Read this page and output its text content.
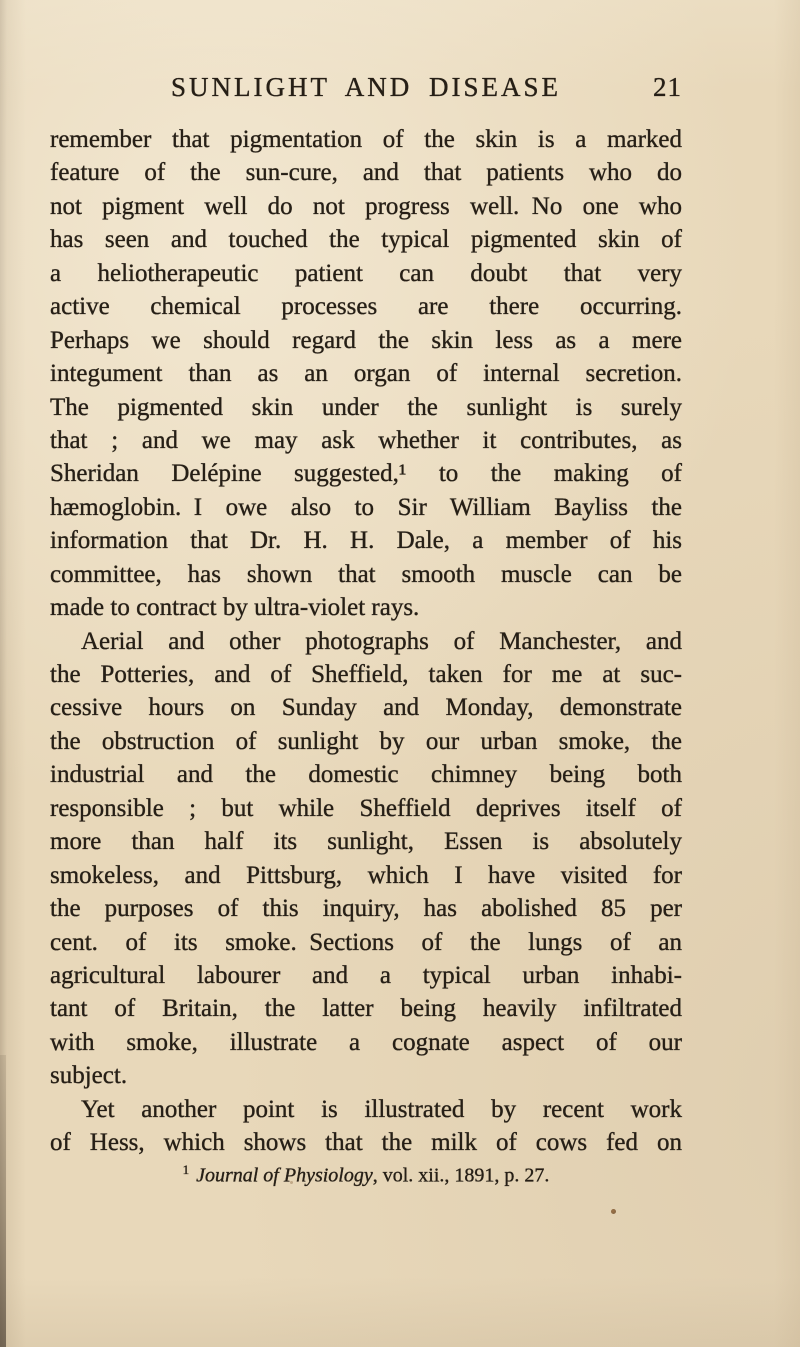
SUNLIGHT AND DISEASE	21
remember that pigmentation of the skin is a marked
feature of the sun-cure, and that patients who do
not pigment well do not progress well. No one who
has seen and touched the typical pigmented skin of
a heliotherapeutic patient can doubt that very
active chemical processes are there occurring.
Perhaps we should regard the skin less as a mere
integument than as an organ of internal secretion.
The pigmented skin under the sunlight is surely
that ; and we may ask whether it contributes, as
Sheridan Delépine suggested,¹ to the making of
hæmoglobin. I owe also to Sir William Bayliss the
information that Dr. H. H. Dale, a member of his
committee, has shown that smooth muscle can be
made to contract by ultra-violet rays.
Aerial and other photographs of Manchester, and
the Potteries, and of Sheffield, taken for me at suc-
cessive hours on Sunday and Monday, demonstrate
the obstruction of sunlight by our urban smoke, the
industrial and the domestic chimney being both
responsible ; but while Sheffield deprives itself of
more than half its sunlight, Essen is absolutely
smokeless, and Pittsburg, which I have visited for
the purposes of this inquiry, has abolished 85 per
cent. of its smoke. Sections of the lungs of an
agricultural labourer and a typical urban inhabi-
tant of Britain, the latter being heavily infiltrated
with smoke, illustrate a cognate aspect of our
subject.
Yet another point is illustrated by recent work
of Hess, which shows that the milk of cows fed on
$^1$ Journal of Physiology, vol. xii., 1891, p. 27.
